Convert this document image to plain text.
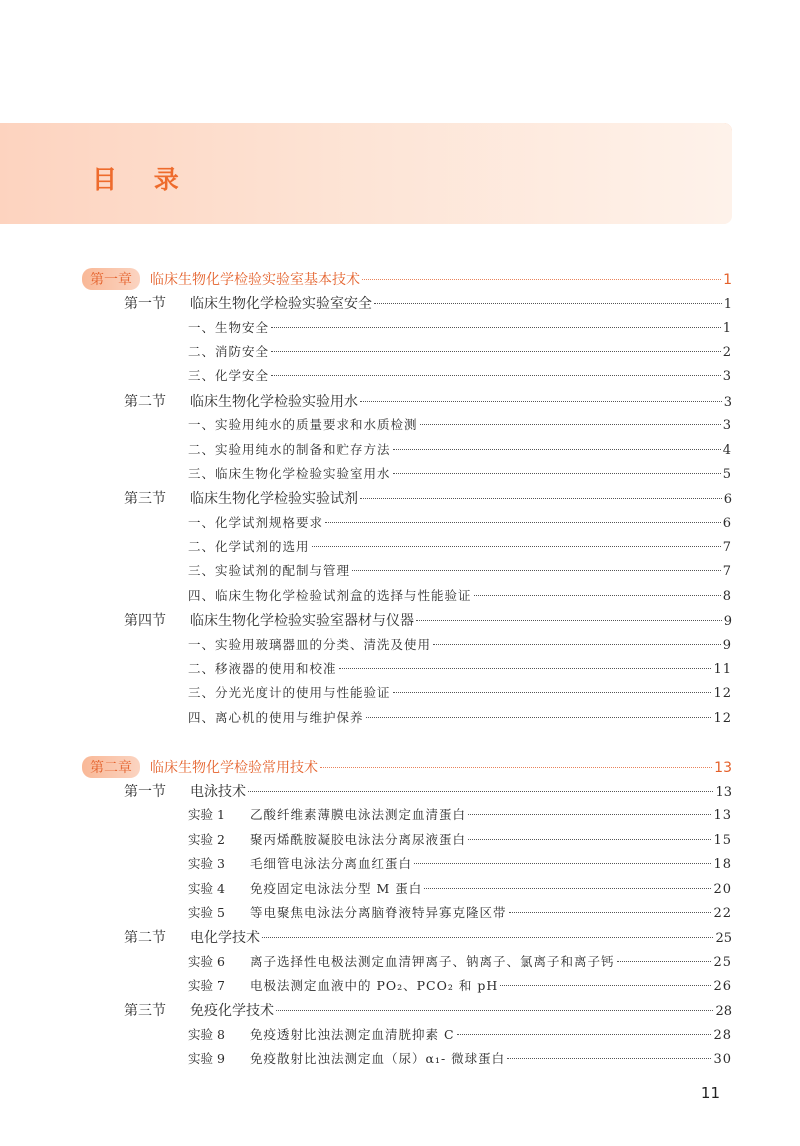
目 录
第一章	临床生物化学检验实验室基本技术	1
第一节	临床生物化学检验实验室安全	1
一、生物安全	1
二、消防安全	2
三、化学安全	3
第二节	临床生物化学检验实验用水	3
一、实验用纯水的质量要求和水质检测	3
二、实验用纯水的制备和贮存方法	4
三、临床生物化学检验实验室用水	5
第三节	临床生物化学检验实验试剂	6
一、化学试剂规格要求	6
二、化学试剂的选用	7
三、实验试剂的配制与管理	7
四、临床生物化学检验试剂盒的选择与性能验证	8
第四节	临床生物化学检验实验室器材与仪器	9
一、实验用玻璃器皿的分类、清洗及使用	9
二、移液器的使用和校准	11
三、分光光度计的使用与性能验证	12
四、离心机的使用与维护保养	12
第二章	临床生物化学检验常用技术	13
第一节	电泳技术	13
实验 1	乙酸纤维素薄膜电泳法测定血清蛋白	13
实验 2	聚丙烯酰胺凝胶电泳法分离尿液蛋白	15
实验 3	毛细管电泳法分离血红蛋白	18
实验 4	免疫固定电泳法分型 M 蛋白	20
实验 5	等电聚焦电泳法分离脑脊液特异寡克隆区带	22
第二节	电化学技术	25
实验 6	离子选择性电极法测定血清钾离子、钠离子、氯离子和离子钙	25
实验 7	电极法测定血液中的 PO₂、PCO₂ 和 pH	26
第三节	免疫化学技术	28
实验 8	免疫透射比浊法测定血清胱抑素 C	28
实验 9	免疫散射比浊法测定血（尿）α₁- 微球蛋白	30
11
